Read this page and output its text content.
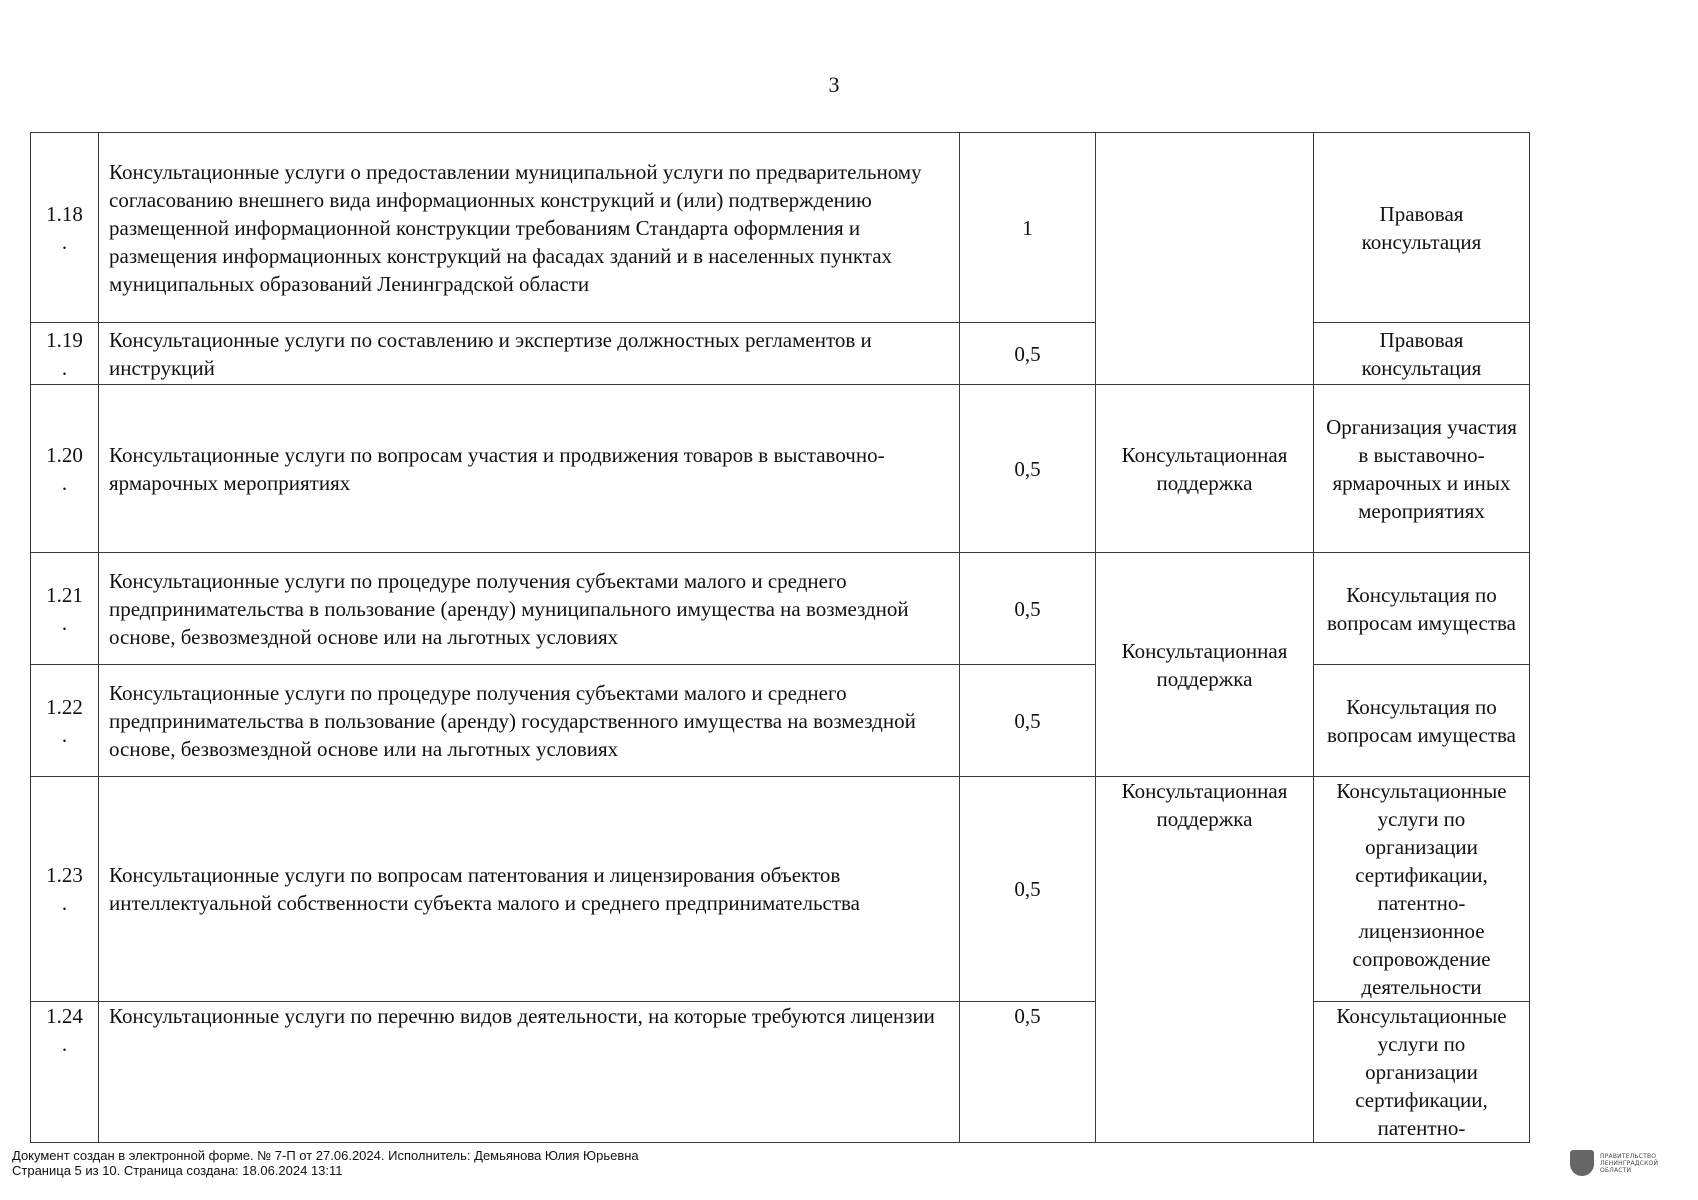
3
1.18
.	Консультационные услуги о предоставлении муниципальной услуги по предварительному согласованию внешнего вида информационных конструкций и (или) подтверждению размещенной информационной конструкции требованиям Стандарта оформления и размещения информационных конструкций на фасадах зданий и в населенных пунктах муниципальных образований Ленинградской области	1		Правовая консультация

1.19
.	Консультационные услуги по составлению и экспертизе должностных регламентов и инструкций	0,5		Правовая консультация

1.20
.	Консультационные услуги по вопросам участия и продвижения товаров в выставочно-ярмарочных мероприятиях	0,5	Консультационная поддержка	Организация участия в выставочно-ярмарочных и иных мероприятиях

1.21
.	Консультационные услуги по процедуре получения субъектами малого и среднего предпринимательства в пользование (аренду) муниципального имущества на возмездной основе, безвозмездной основе или на льготных условиях	0,5	Консультационная поддержка	Консультация по вопросам имущества

1.22
.	Консультационные услуги по процедуре получения субъектами малого и среднего предпринимательства в пользование (аренду) государственного имущества на возмездной основе, безвозмездной основе или на льготных условиях	0,5		Консультация по вопросам имущества

1.23
.	Консультационные услуги по вопросам патентования и лицензирования объектов интеллектуальной собственности субъекта малого и среднего предпринимательства	0,5	Консультационная поддержка	Консультационные услуги по организации сертификации, патентно-лицензионное сопровождение деятельности

1.24
.	Консультационные услуги по перечню видов деятельности, на которые требуются лицензии	0,5		Консультационные услуги по организации сертификации, патентно-
Документ создан в электронной форме. № 7-П от 27.06.2024. Исполнитель: Демьянова Юлия Юрьевна
Страница 5 из 10. Страница создана: 18.06.2024 13:11
ПРАВИТЕЛЬСТВО ЛЕНИНГРАДСКОЙ ОБЛАСТИ
